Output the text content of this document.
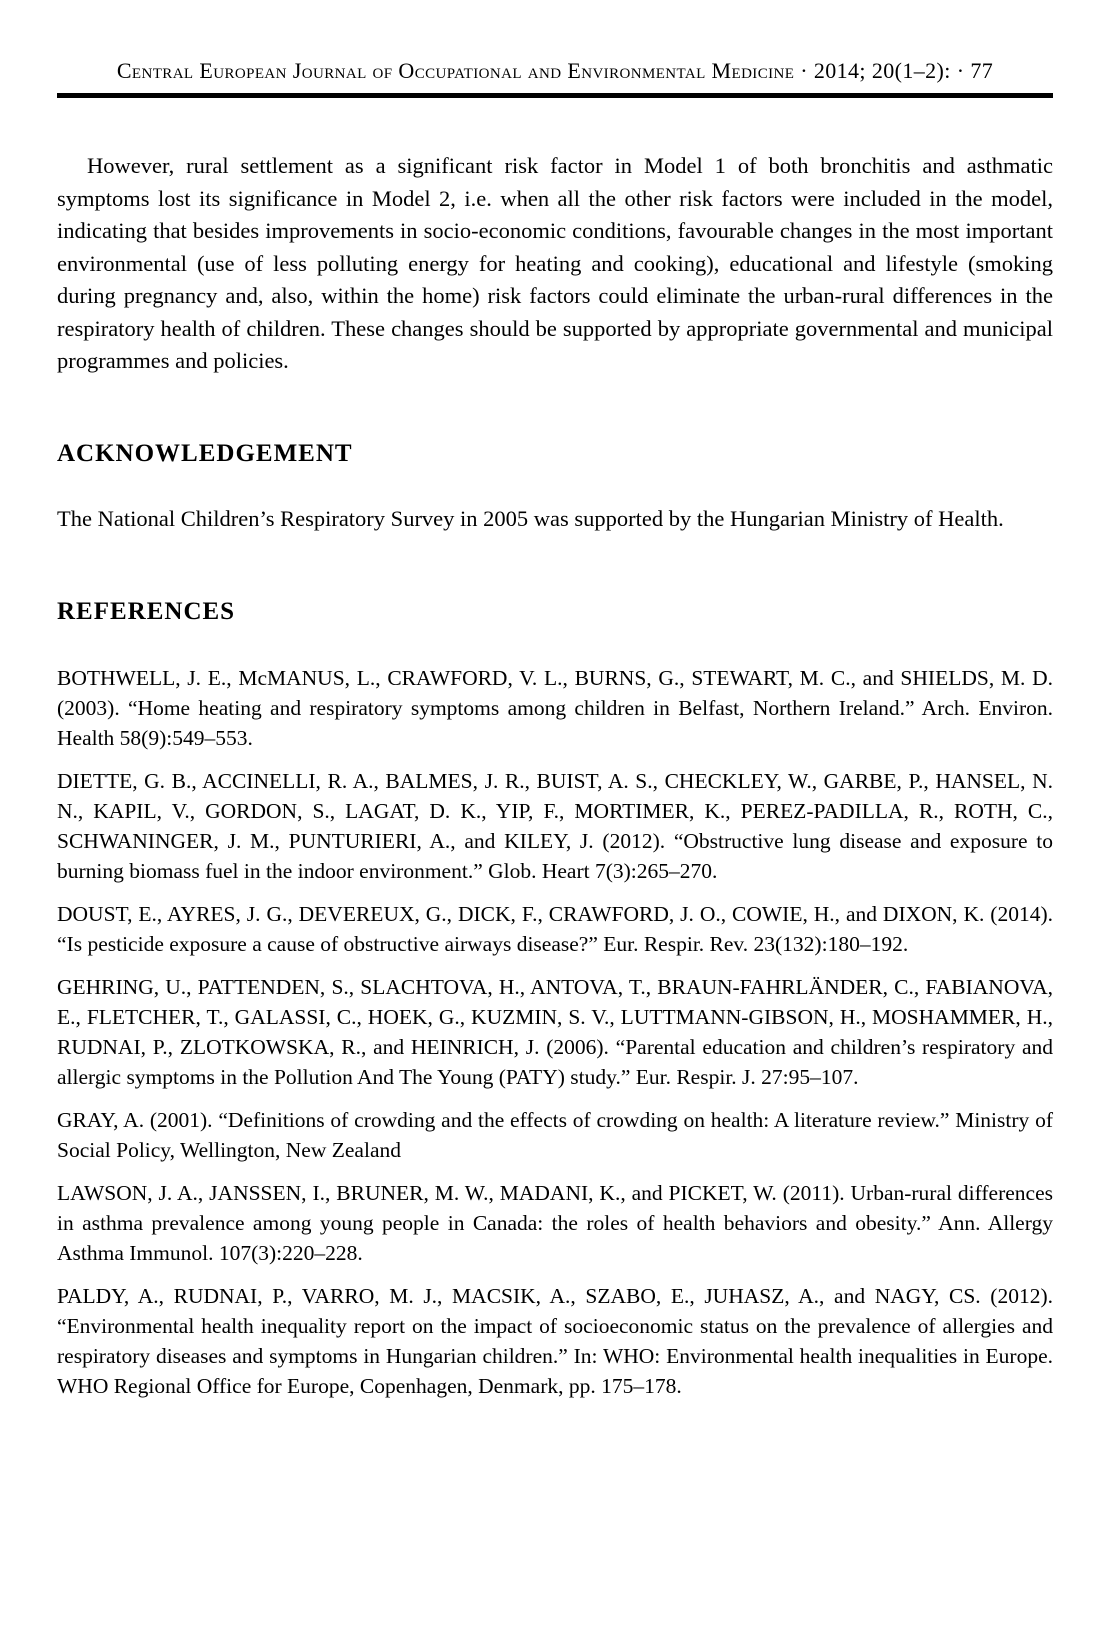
Central European Journal of Occupational and Environmental Medicine · 2014; 20(1–2): · 77

However, rural settlement as a significant risk factor in Model 1 of both bronchitis and asthmatic symptoms lost its significance in Model 2, i.e. when all the other risk factors were included in the model, indicating that besides improvements in socio-economic conditions, favourable changes in the most important environmental (use of less polluting energy for heating and cooking), educational and lifestyle (smoking during pregnancy and, also, within the home) risk factors could eliminate the urban-rural differences in the respiratory health of children. These changes should be supported by appropriate governmental and municipal programmes and policies.

ACKNOWLEDGEMENT

The National Children’s Respiratory Survey in 2005 was supported by the Hungarian Ministry of Health.

REFERENCES

BOTHWELL, J. E., McMANUS, L., CRAWFORD, V. L., BURNS, G., STEWART, M. C., and SHIELDS, M. D. (2003). “Home heating and respiratory symptoms among children in Belfast, Northern Ireland.” Arch. Environ. Health 58(9):549–553.

DIETTE, G. B., ACCINELLI, R. A., BALMES, J. R., BUIST, A. S., CHECKLEY, W., GARBE, P., HANSEL, N. N., KAPIL, V., GORDON, S., LAGAT, D. K., YIP, F., MORTIMER, K., PEREZ-PADILLA, R., ROTH, C., SCHWANINGER, J. M., PUNTURIERI, A., and KILEY, J. (2012). “Obstructive lung disease and exposure to burning biomass fuel in the indoor environment.” Glob. Heart 7(3):265–270.

DOUST, E., AYRES, J. G., DEVEREUX, G., DICK, F., CRAWFORD, J. O., COWIE, H., and DIXON, K. (2014). “Is pesticide exposure a cause of obstructive airways disease?” Eur. Respir. Rev. 23(132):180–192.

GEHRING, U., PATTENDEN, S., SLACHTOVA, H., ANTOVA, T., BRAUN-FAHRLÄNDER, C., FABIANOVA, E., FLETCHER, T., GALASSI, C., HOEK, G., KUZMIN, S. V., LUTTMANN-GIBSON, H., MOSHAMMER, H., RUDNAI, P., ZLOTKOWSKA, R., and HEINRICH, J. (2006). “Parental education and children’s respiratory and allergic symptoms in the Pollution And The Young (PATY) study.” Eur. Respir. J. 27:95–107.

GRAY, A. (2001). “Definitions of crowding and the effects of crowding on health: A literature review.” Ministry of Social Policy, Wellington, New Zealand

LAWSON, J. A., JANSSEN, I., BRUNER, M. W., MADANI, K., and PICKET, W. (2011). Urban-rural differences in asthma prevalence among young people in Canada: the roles of health behaviors and obesity.” Ann. Allergy Asthma Immunol. 107(3):220–228.

PALDY, A., RUDNAI, P., VARRO, M. J., MACSIK, A., SZABO, E., JUHASZ, A., and NAGY, CS. (2012). “Environmental health inequality report on the impact of socioeconomic status on the prevalence of allergies and respiratory diseases and symptoms in Hungarian children.” In: WHO: Environmental health inequalities in Europe. WHO Regional Office for Europe, Copenhagen, Denmark, pp. 175–178.
